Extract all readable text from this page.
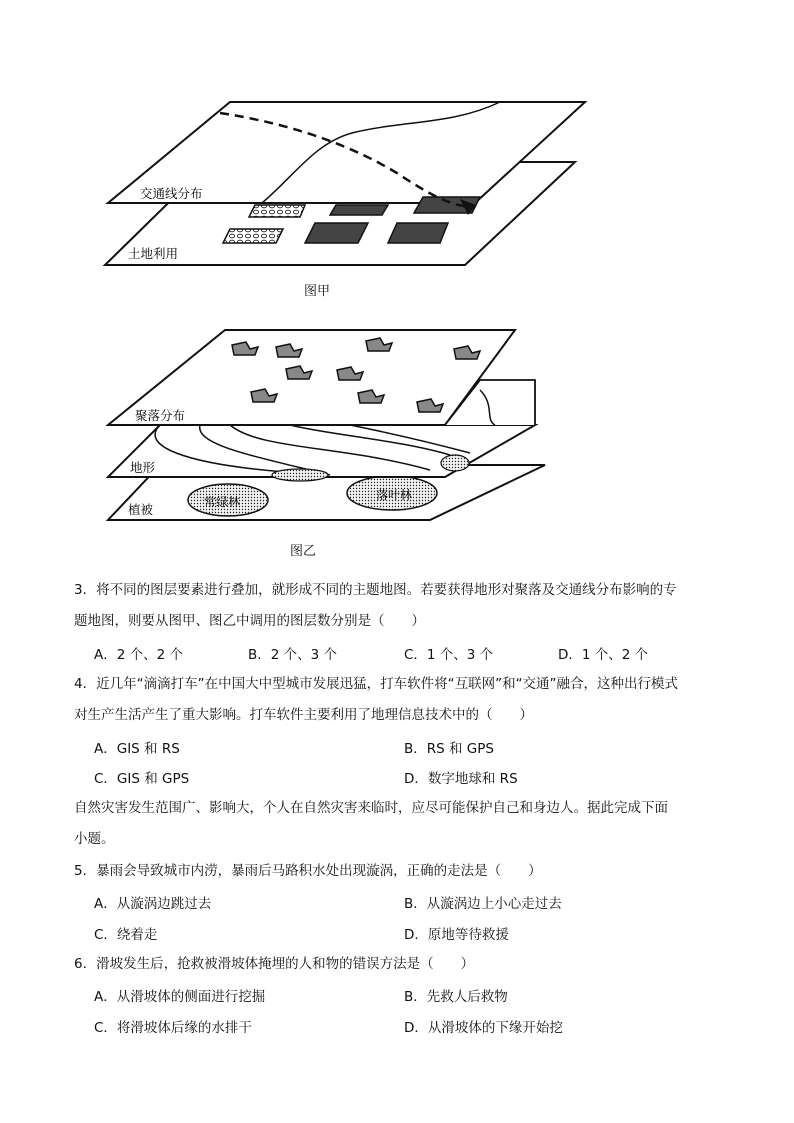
交通线分布
土地利用
图甲
常绿林	落叶林
聚落分布
地形
植被
图乙
3．将不同的图层要素进行叠加，就形成不同的主题地图。若要获得地形对聚落及交通线分布影响的专
题地图，则要从图甲、图乙中调用的图层数分别是（　　）
A．2 个、2 个	B．2 个、3 个	C．1 个、3 个	D．1 个、2 个
4．近几年“滴滴打车”在中国大中型城市发展迅猛，打车软件将“互联网”和“交通”融合，这种出行模式
对生产生活产生了重大影响。打车软件主要利用了地理信息技术中的（　　）
A．GIS 和 RS	B．RS 和 GPS
C．GIS 和 GPS	D．数字地球和 RS
自然灾害发生范围广、影响大，个人在自然灾害来临时，应尽可能保护自己和身边人。据此完成下面
小题。
5．暴雨会导致城市内涝，暴雨后马路积水处出现漩涡，正确的走法是（　　）
A．从漩涡边跳过去	B．从漩涡边上小心走过去
C．绕着走	D．原地等待救援
6．滑坡发生后，抢救被滑坡体掩埋的人和物的错误方法是（　　）
A．从滑坡体的侧面进行挖掘	B．先救人后救物
C．将滑坡体后缘的水排干	D．从滑坡体的下缘开始挖
